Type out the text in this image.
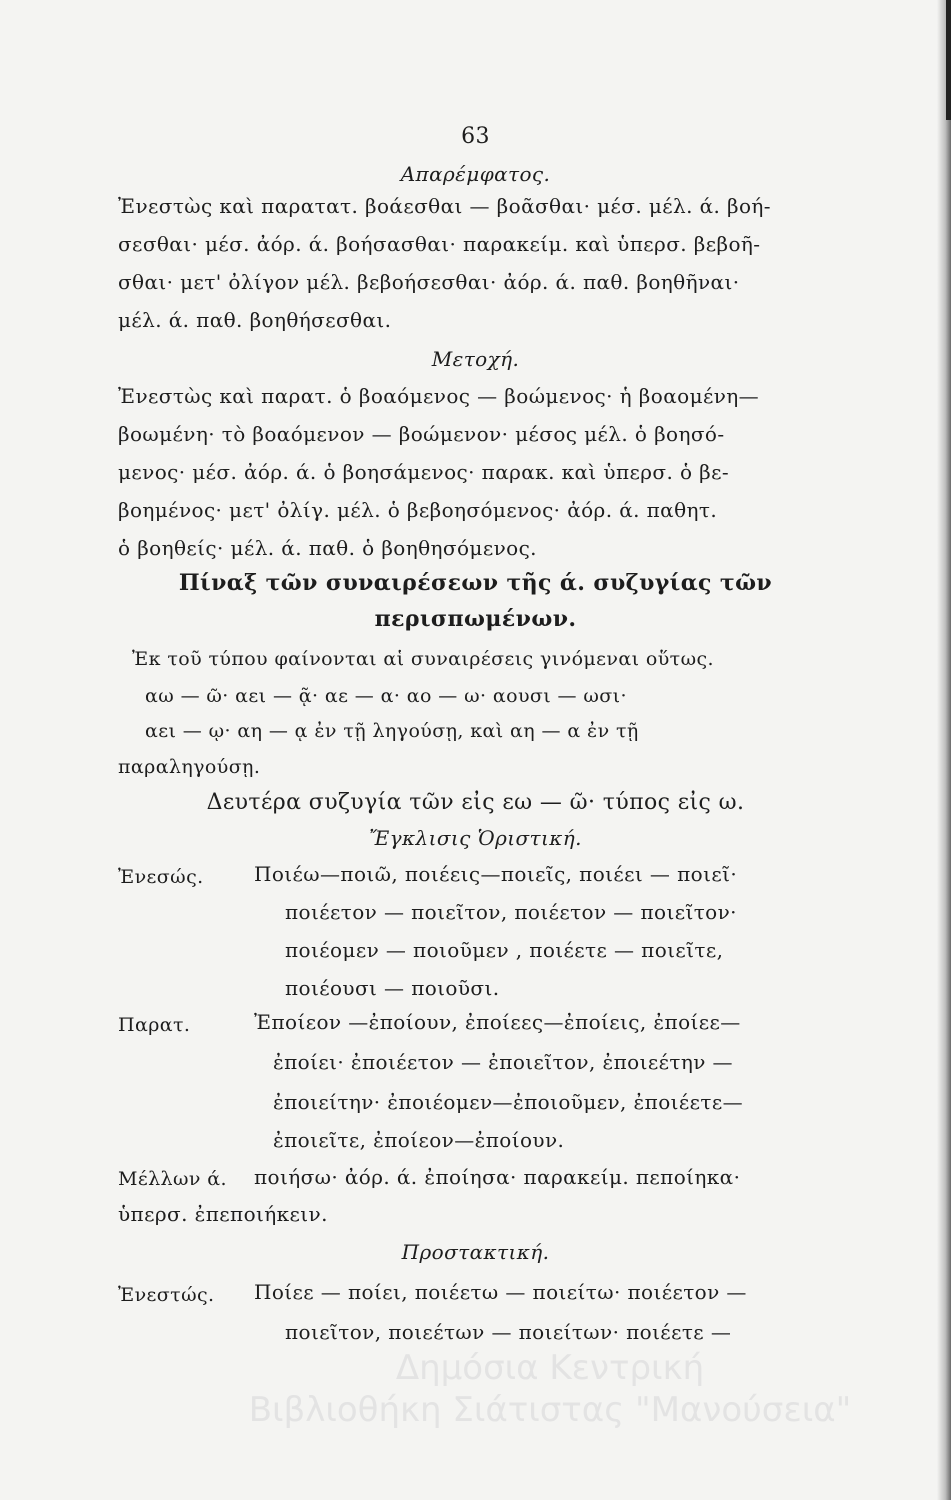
63
Απαρέμφατος.
Ἐνεστὼς καὶ παρατατ. βοάεσθαι — βοᾶσθαι· μέσ. μέλ. ά. βοή-
σεσθαι· μέσ. ἀόρ. ά. βοήσασθαι· παρακείμ. καὶ ὑπερσ. βεβοῆ-
σθαι· μετ' ὀλίγον μέλ. βεβοήσεσθαι· ἀόρ. ά. παθ. βοηθῆναι·
μέλ. ά. παθ. βοηθήσεσθαι.
Μετοχή.
Ἐνεστὼς καὶ παρατ. ὁ βοαόμενος — βοώμενος· ἡ βοαομένη—
βοωμένη· τὸ βοαόμενον — βοώμενον· μέσος μέλ. ὁ βοησό-
μενος· μέσ. ἀόρ. ά. ὁ βοησάμενος· παρακ. καὶ ὑπερσ. ὁ βε-
βοημένος· μετ' ὀλίγ. μέλ. ὁ βεβοησόμενος· ἀόρ. ά. παθητ.
ὁ βοηθείς· μέλ. ά. παθ. ὁ βοηθησόμενος.
Πίναξ τῶν συναιρέσεων τῆς ά. συζυγίας τῶν
περισπωμένων.
Ἐκ τοῦ τύπου φαίνονται αἱ συναιρέσεις γινόμεναι οὕτως.
αω — ῶ· αει — ᾷ· αε — α· αο — ω· αουσι — ωσι·
αει — ῳ· αη — ᾳ ἐν τῇ ληγούσῃ, καὶ αη — α ἐν τῇ
παραληγούσῃ.
Δευτέρα συζυγία τῶν εἰς εω — ῶ· τύπος εἰς ω.
Ἔγκλισις Ὁριστική.
Ἐνεσώς.	Ποιέω—ποιῶ, ποιέεις—ποιεῖς, ποιέει — ποιεῖ·
ποιέετον — ποιεῖτον, ποιέετον — ποιεῖτον·
ποιέομεν — ποιοῦμεν , ποιέετε — ποιεῖτε,
ποιέουσι — ποιοῦσι.
Παρατ.	Ἐποίεον —ἐποίουν, ἐποίεες—ἐποίεις, ἐποίεε—
ἐποίει· ἐποιέετον — ἐποιεῖτον, ἐποιεέτην —
ἐποιείτην· ἐποιέομεν—ἐποιοῦμεν, ἐποιέετε—
ἐποιεῖτε, ἐποίεον—ἐποίουν.
Μέλλων ά. ποιήσω· ἀόρ. ά. ἐποίησα· παρακείμ. πεποίηκα·
ὑπερσ. ἐπεποιήκειν.
Προστακτική.
Ἐνεστώς. Ποίεε — ποίει, ποιέετω — ποιείτω· ποιέετον —
ποιεῖτον, ποιεέτων — ποιείτων· ποιέετε —
Δημόσια Κεντρική
Βιβλιοθήκη Σιάτιστας "Μανούσεια"
